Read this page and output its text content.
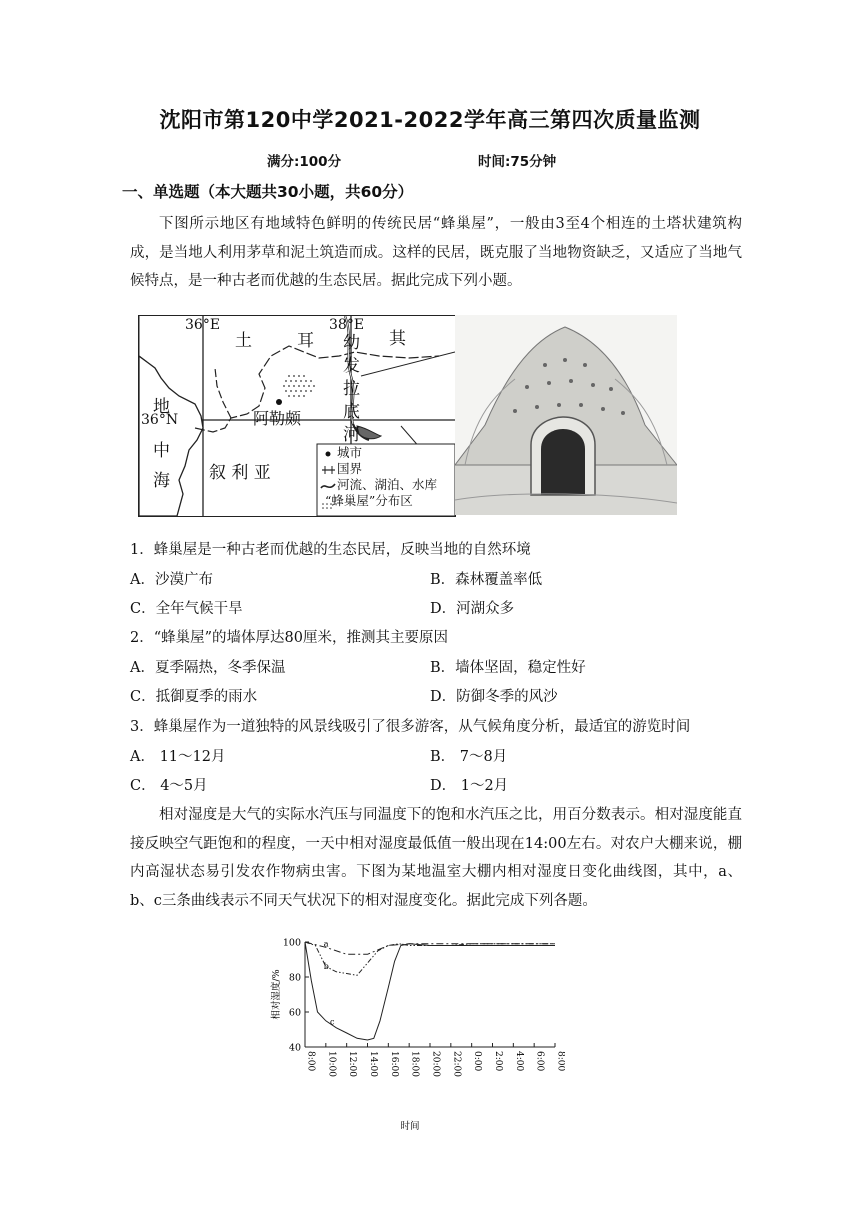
沈阳市第120中学2021-2022学年高三第四次质量监测
满分:100分	时间:75分钟
一、单选题（本大题共30小题，共60分）
下图所示地区有地域特色鲜明的传统民居“蜂巢屋”，一般由3至4个相连的土塔状建筑构成，是当地人利用茅草和泥土筑造而成。这样的民居，既克服了当地物资缺乏，又适应了当地气候特点，是一种古老而优越的生态民居。据此完成下列小题。
36°E	38°E
36°N
土	耳	其
幼
发
拉
底
河
地
中
海
阿勒颇
叙 利 亚
城市
国界
河流、湖泊、水库
“蜂巢屋”分布区
1．蜂巢屋是一种古老而优越的生态民居，反映当地的自然环境
A．沙漠广布	B．森林覆盖率低
C．全年气候干旱	D．河湖众多
2．“蜂巢屋”的墙体厚达80厘米，推测其主要原因
A．夏季隔热，冬季保温	B．墙体坚固，稳定性好
C．抵御夏季的雨水	D．防御冬季的风沙
3．蜂巢屋作为一道独特的风景线吸引了很多游客，从气候角度分析，最适宜的游览时间
A． 11～12月	B． 7～8月
C． 4～5月	D． 1～2月
相对湿度是大气的实际水汽压与同温度下的饱和水汽压之比，用百分数表示。相对湿度能直接反映空气距饱和的程度，一天中相对湿度最低值一般出现在14:00左右。对农户大棚来说，棚内高湿状态易引发农作物病虫害。下图为某地温室大棚内相对湿度日变化曲线图，其中，a、b、c三条曲线表示不同天气状况下的相对湿度变化。据此完成下列各题。
40
60
80
100
8:00 10:00 12:00 14:00 16:00 18:00 20:00 22:00 0:00 2:00 4:00 6:00 8:00
相对湿度/%
时间
a
b
c
